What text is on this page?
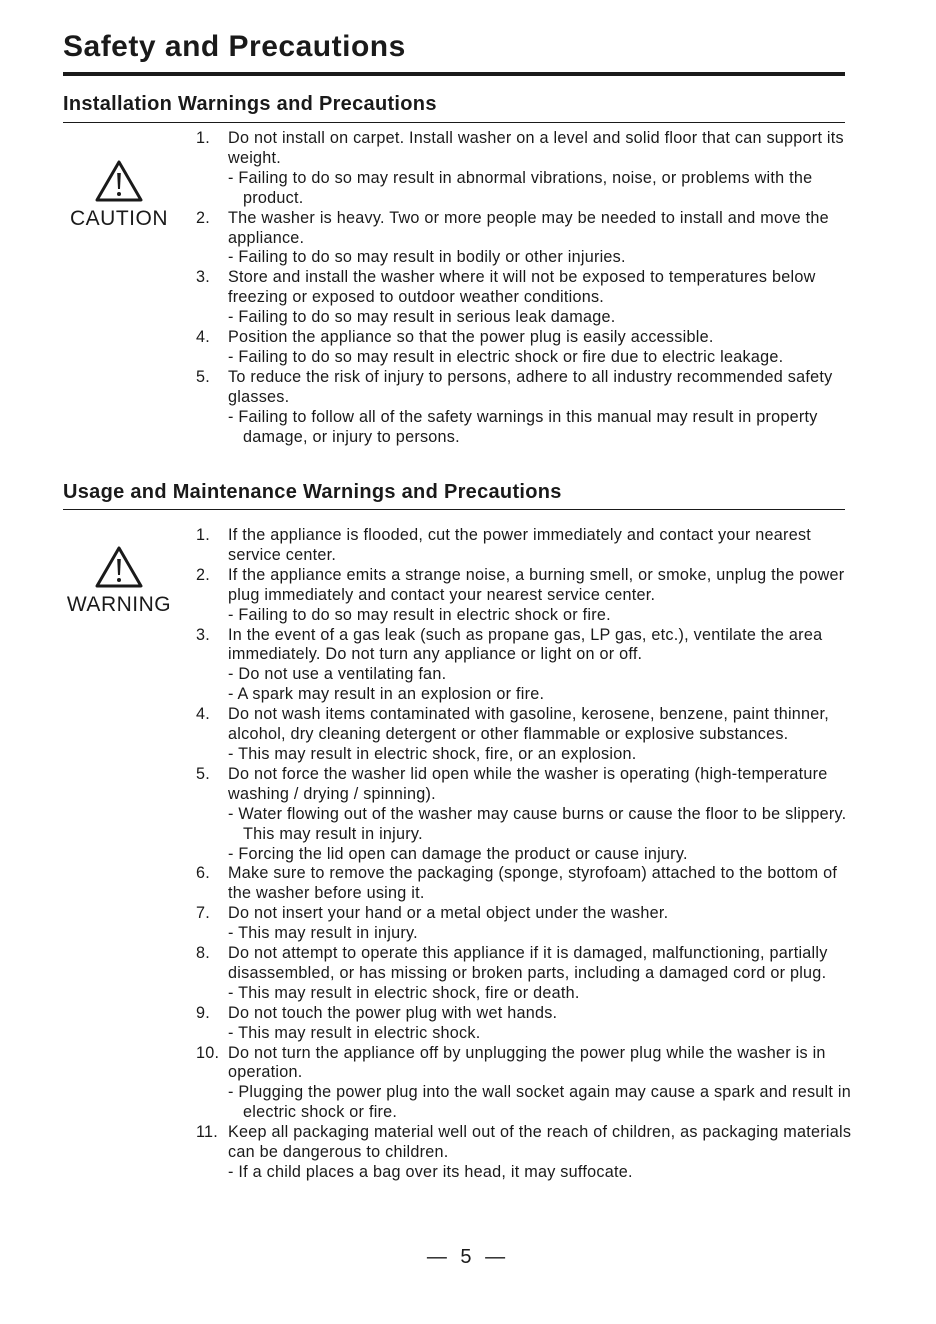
Safety and Precautions
Installation Warnings and Precautions
CAUTION
1. Do not install on carpet. Install washer on a level and solid floor that can support its weight.
- Failing to do so may result in abnormal vibrations, noise, or problems with the product.
2. The washer is heavy. Two or more people may be needed to install and move the appliance.
- Failing to do so may result in bodily or other injuries.
3. Store and install the washer where it will not be exposed to temperatures below freezing or exposed to outdoor weather conditions.
- Failing to do so may result in serious leak damage.
4. Position the appliance so that the power plug is easily accessible.
- Failing to do so may result in electric shock or fire due to electric leakage.
5. To reduce the risk of injury to persons, adhere to all industry recommended safety glasses.
- Failing to follow all of the safety warnings in this manual may result in property damage, or injury to persons.
Usage and Maintenance Warnings and Precautions
WARNING
1. If the appliance is flooded, cut the power immediately and contact your nearest service center.
2. If the appliance emits a strange noise, a burning smell, or smoke, unplug the power plug immediately and contact your nearest service center.
- Failing to do so may result in electric shock or fire.
3. In the event of a gas leak (such as propane gas, LP gas, etc.), ventilate the area immediately. Do not turn any appliance or light on or off.
- Do not use a ventilating fan.
- A spark may result in an explosion or fire.
4. Do not wash items contaminated with gasoline, kerosene, benzene, paint thinner, alcohol, dry cleaning detergent or other flammable or explosive substances.
- This may result in electric shock, fire, or an explosion.
5. Do not force the washer lid open while the washer is operating (high-temperature washing / drying / spinning).
- Water flowing out of the washer may cause burns or cause the floor to be slippery. This may result in injury.
- Forcing the lid open can damage the product or cause injury.
6. Make sure to remove the packaging (sponge, styrofoam) attached to the bottom of the washer before using it.
7. Do not insert your hand or a metal object under the washer.
- This may result in injury.
8. Do not attempt to operate this appliance if it is damaged, malfunctioning, partially disassembled, or has missing or broken parts, including a damaged cord or plug.
- This may result in electric shock, fire or death.
9. Do not touch the power plug with wet hands.
- This may result in electric shock.
10. Do not turn the appliance off by unplugging the power plug while the washer is in operation.
- Plugging the power plug into the wall socket again may cause a spark and result in electric shock or fire.
11. Keep all packaging material well out of the reach of children, as packaging materials can be dangerous to children.
- If a child places a bag over its head, it may suffocate.
— 5 —
